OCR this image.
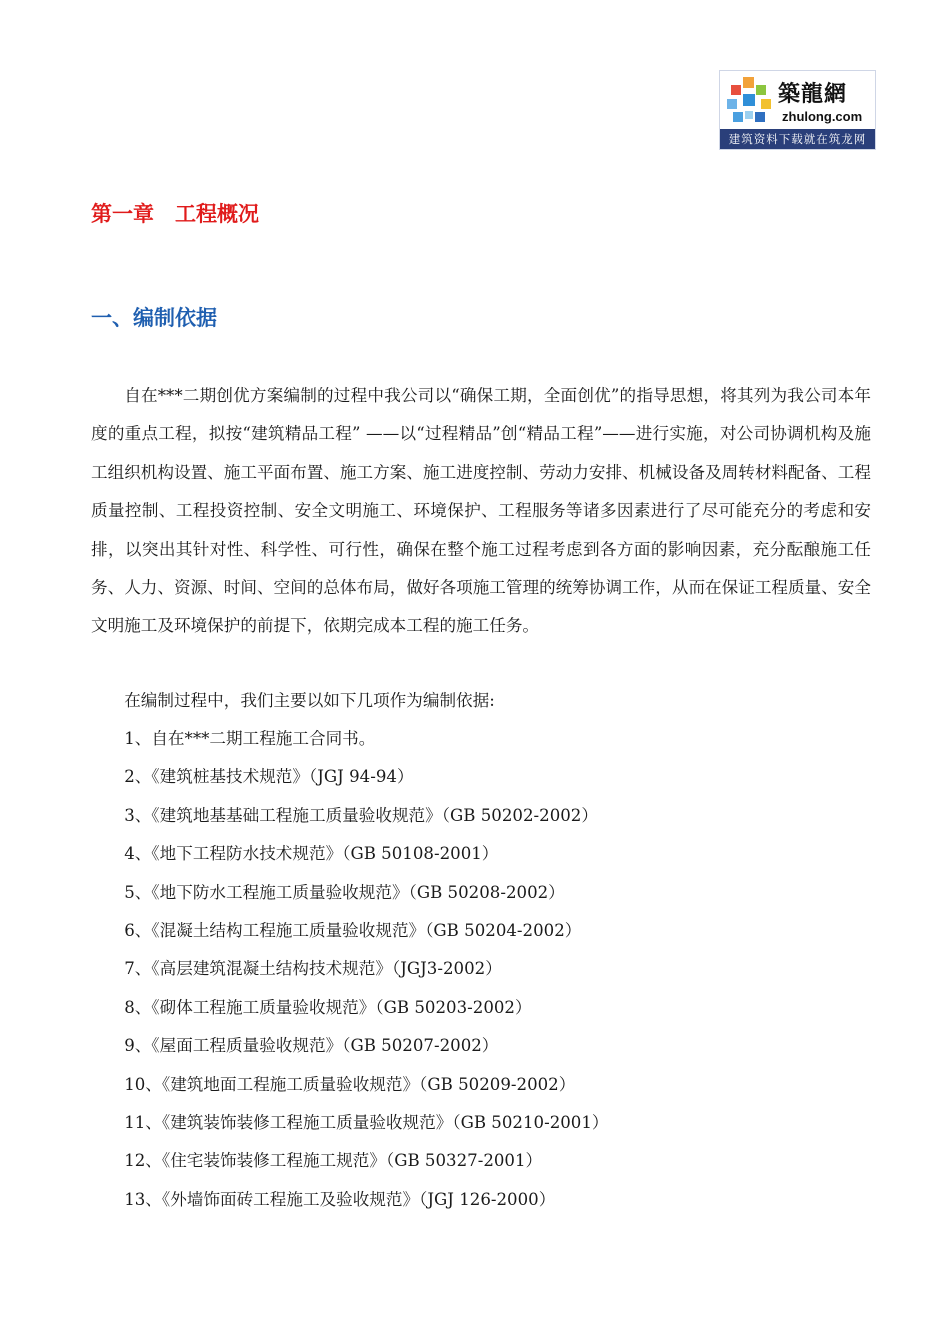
築龍網
zhulong.com
建筑资料下载就在筑龙网
第一章　工程概况
一、编制依据

自在***二期创优方案编制的过程中我公司以“确保工期，全面创优”的指导思想，将其列为我公司本年度的重点工程，拟按“建筑精品工程” ——以“过程精品”创“精品工程”——进行实施，对公司协调机构及施工组织机构设置、施工平面布置、施工方案、施工进度控制、劳动力安排、机械设备及周转材料配备、工程质量控制、工程投资控制、安全文明施工、环境保护、工程服务等诸多因素进行了尽可能充分的考虑和安排，以突出其针对性、科学性、可行性，确保在整个施工过程考虑到各方面的影响因素，充分酝酿施工任务、人力、资源、时间、空间的总体布局，做好各项施工管理的统筹协调工作，从而在保证工程质量、安全文明施工及环境保护的前提下，依期完成本工程的施工任务。

在编制过程中，我们主要以如下几项作为编制依据:

1、自在***二期工程施工合同书。
2、《建筑桩基技术规范》（JGJ 94-94）
3、《建筑地基基础工程施工质量验收规范》（GB 50202-2002）
4、《地下工程防水技术规范》（GB 50108-2001）
5、《地下防水工程施工质量验收规范》（GB 50208-2002）
6、《混凝土结构工程施工质量验收规范》（GB 50204-2002）
7、《高层建筑混凝土结构技术规范》（JGJ3-2002）
8、《砌体工程施工质量验收规范》（GB 50203-2002）
9、《屋面工程质量验收规范》（GB 50207-2002）
10、《建筑地面工程施工质量验收规范》（GB 50209-2002）
11、《建筑装饰装修工程施工质量验收规范》（GB 50210-2001）
12、《住宅装饰装修工程施工规范》（GB 50327-2001）
13、《外墙饰面砖工程施工及验收规范》（JGJ 126-2000）
